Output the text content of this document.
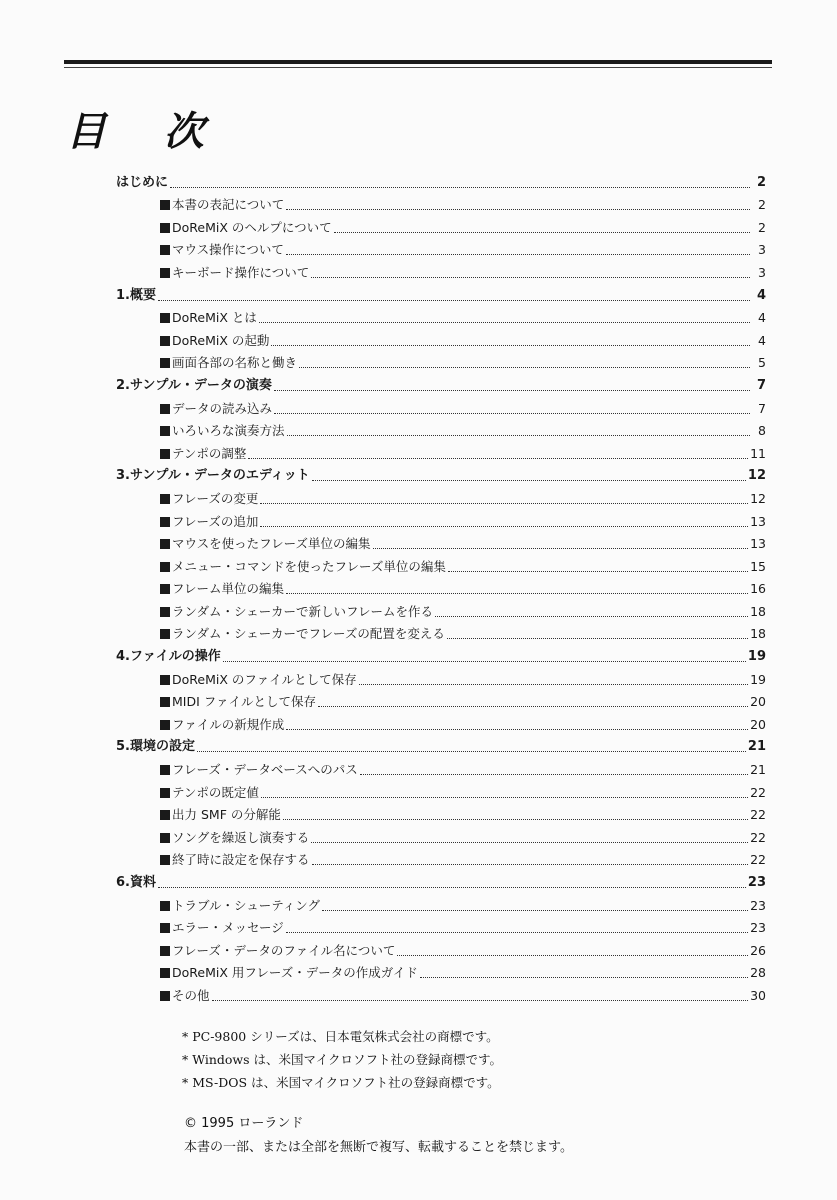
目 次
はじめに	2
本書の表記について	2
DoReMiX のヘルプについて	2
マウス操作について	3
キーボード操作について	3
1.概要	4
DoReMiX とは	4
DoReMiX の起動	4
画面各部の名称と働き	5
2.サンプル・データの演奏	7
データの読み込み	7
いろいろな演奏方法	8
テンポの調整	11
3.サンプル・データのエディット	12
フレーズの変更	12
フレーズの追加	13
マウスを使ったフレーズ単位の編集	13
メニュー・コマンドを使ったフレーズ単位の編集	15
フレーム単位の編集	16
ランダム・シェーカーで新しいフレームを作る	18
ランダム・シェーカーでフレーズの配置を変える	18
4.ファイルの操作	19
DoReMiX のファイルとして保存	19
MIDI ファイルとして保存	20
ファイルの新規作成	20
5.環境の設定	21
フレーズ・データベースへのパス	21
テンポの既定値	22
出力 SMF の分解能	22
ソングを繰返し演奏する	22
終了時に設定を保存する	22
6.資料	23
トラブル・シューティング	23
エラー・メッセージ	23
フレーズ・データのファイル名について	26
DoReMiX 用フレーズ・データの作成ガイド	28
その他	30
* PC-9800 シリーズは、日本電気株式会社の商標です。
* Windows は、米国マイクロソフト社の登録商標です。
* MS-DOS は、米国マイクロソフト社の登録商標です。
© 1995 ローランド
本書の一部、または全部を無断で複写、転載することを禁じます。
